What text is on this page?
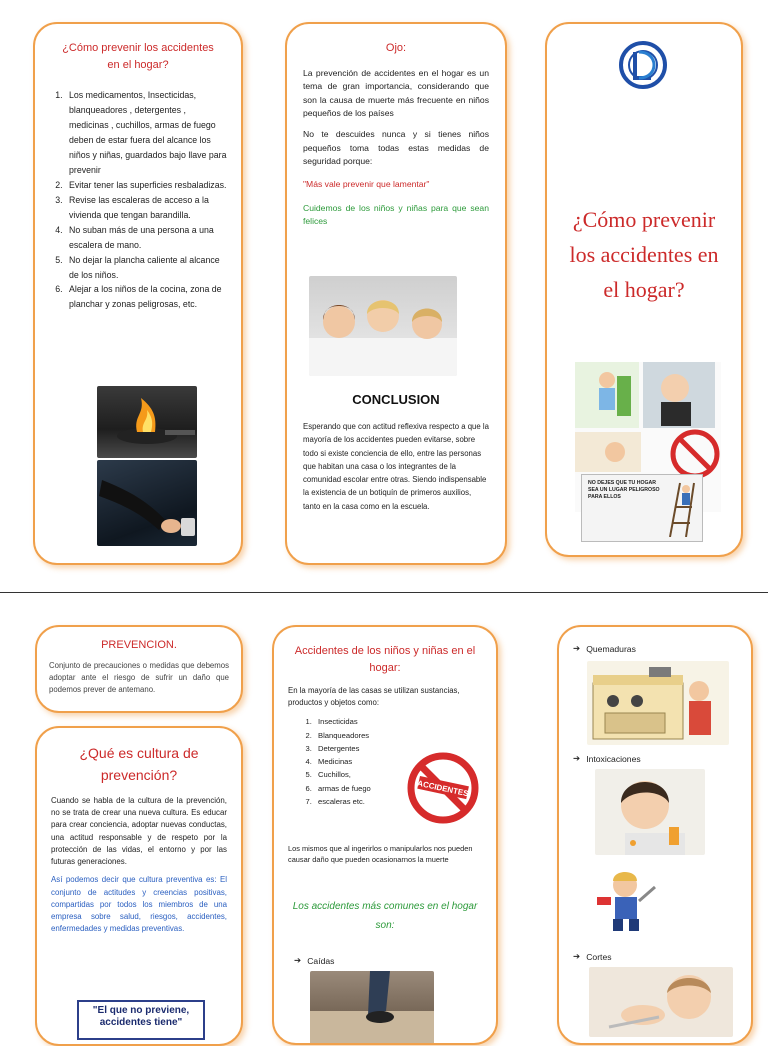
¿Cómo prevenir los accidentes en el hogar?

1. Los medicamentos, Insecticidas, blanqueadores , detergentes , medicinas , cuchillos, armas de fuego deben de estar fuera del alcance los niños y niñas, guardados bajo llave para prevenir
2. Evitar tener las superficies resbaladizas.
3. Revise las escaleras de acceso a la vivienda que tengan barandilla.
4. No suban más de una persona a una escalera de mano.
5. No dejar la plancha caliente al alcance de los niños.
6. Alejar a los niños de la cocina, zona de planchar y zonas peligrosas, etc.

Ojo:

La prevención de accidentes en el hogar es un tema de gran importancia, considerando que son la causa de muerte más frecuente en niños pequeños de los países

No te descuides nunca y si tienes niños pequeños toma todas estas medidas de seguridad porque:

"Más vale prevenir que lamentar"

Cuidemos de los niños y niñas para que sean felices

CONCLUSION

Esperando que con actitud reflexiva respecto a que la mayoría de los accidentes pueden evitarse, sobre todo si existe conciencia de ello, entre las personas que habitan una casa o los integrantes de la comunidad escolar entre otras. Siendo indispensable la existencia de un botiquín de primeros auxilios, tanto en la casa como en la escuela.

¿Cómo prevenir los accidentes en el hogar?

NO DEJES QUE TU HOGAR SEA UN LUGAR PELIGROSO PARA ELLOS

PREVENCION.

Conjunto de precauciones o medidas que debemos adoptar ante el riesgo de sufrir un daño que podemos prever de antemano.

¿Qué es cultura de prevención?

Cuando se habla de la cultura de la prevención, no se trata de crear una nueva cultura. Es educar para crear conciencia, adoptar nuevas conductas, una actitud responsable y de respeto por la protección de las vidas, el entorno y por las futuras generaciones.

Así podemos decir que cultura preventiva es: El conjunto de actitudes y creencias positivas, compartidas por todos los miembros de una empresa sobre salud, riesgos, accidentes, enfermedades y medidas preventivas.

"El que no previene, accidentes tiene"

Accidentes de los niños y niñas en el hogar:

En la mayoría de las casas se utilizan sustancias, productos y objetos como:

1. Insecticidas
2. Blanqueadores
3. Detergentes
4. Medicinas
5. Cuchillos,
6. armas de fuego
7. escaleras etc.
ACCIDENTES

Los mismos que al ingerirlos o manipularlos nos pueden causar daño que pueden ocasionarnos la muerte

Los accidentes más comunes en el hogar son:

➔ Caídas
➔ Quemaduras
➔ Intoxicaciones
➔ Cortes
